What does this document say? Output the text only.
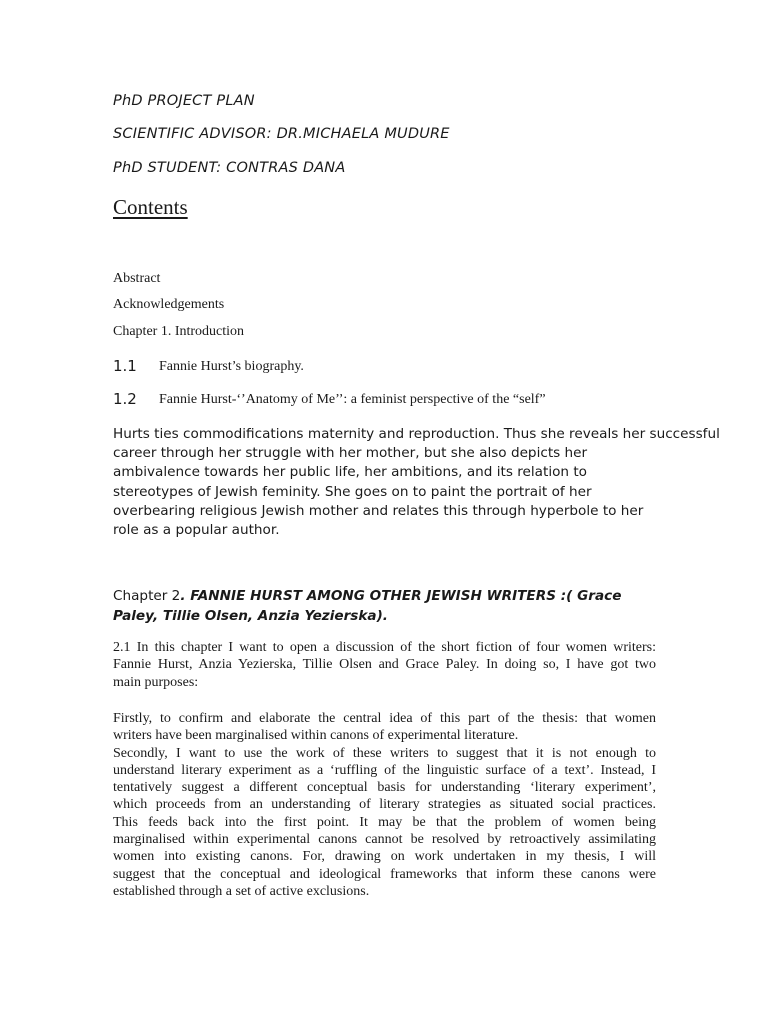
PhD PROJECT PLAN
SCIENTIFIC ADVISOR: DR.MICHAELA MUDURE
PhD STUDENT: CONTRAS DANA
Contents
Abstract
Acknowledgements
Chapter 1. Introduction
1.1 Fannie Hurst’s biography.
1.2 Fannie Hurst-‘’Anatomy of Me’’: a feminist perspective of the “self”
Hurts ties commodifications maternity and reproduction. Thus she reveals her successful
career through her struggle with her mother, but she also depicts her
ambivalence towards her public life, her ambitions, and its relation to
stereotypes of Jewish feminity. She goes on to paint the portrait of her
overbearing religious Jewish mother and relates this through hyperbole to her
role as a popular author.
Chapter 2. FANNIE HURST AMONG OTHER JEWISH WRITERS :( Grace
Paley, Tillie Olsen, Anzia Yezierska).
2.1 In this chapter I want to open a discussion of the short fiction of four women writers:
Fannie Hurst, Anzia Yezierska, Tillie Olsen and Grace Paley. In doing so, I have got two
main purposes:
Firstly, to confirm and elaborate the central idea of this part of the thesis: that women
writers have been marginalised within canons of experimental literature.
Secondly, I want to use the work of these writers to suggest that it is not enough to
understand literary experiment as a ‘ruffling of the linguistic surface of a text’. Instead, I
tentatively suggest a different conceptual basis for understanding ‘literary experiment’,
which proceeds from an understanding of literary strategies as situated social practices.
This feeds back into the first point. It may be that the problem of women being
marginalised within experimental canons cannot be resolved by retroactively assimilating
women into existing canons. For, drawing on work undertaken in my thesis, I will
suggest that the conceptual and ideological frameworks that inform these canons were
established through a set of active exclusions.
